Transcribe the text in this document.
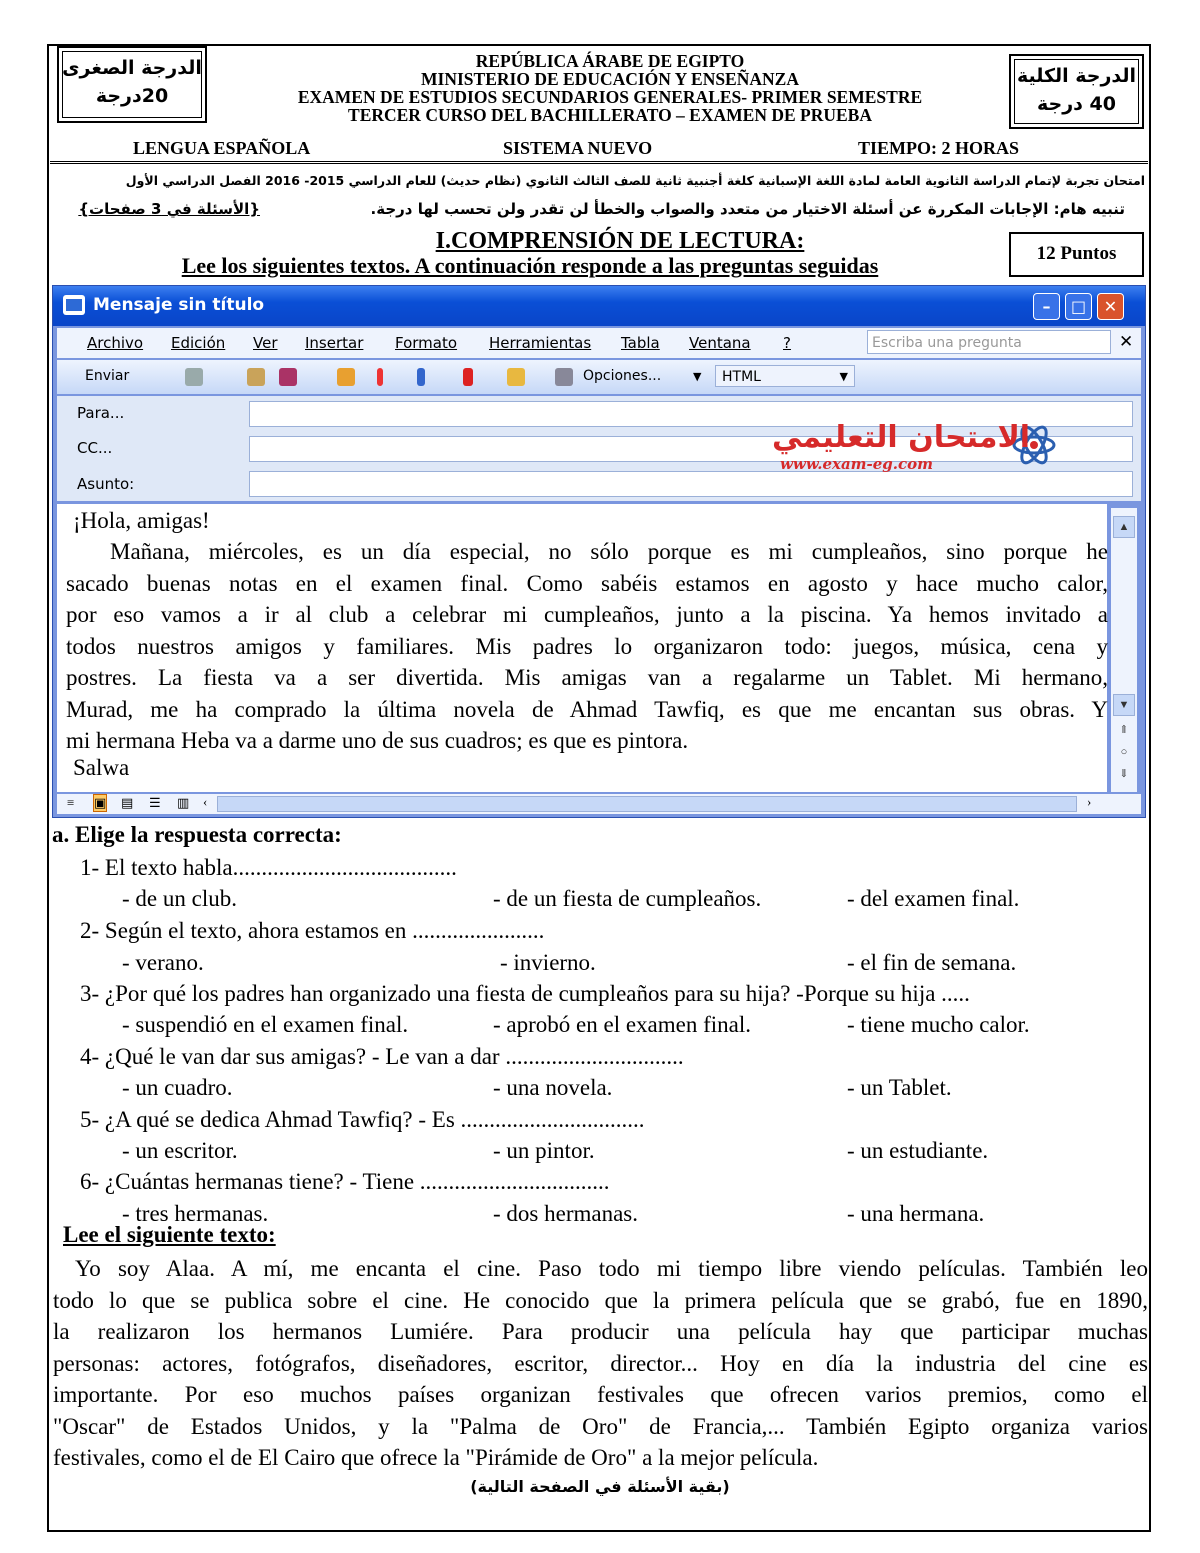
الدرجة الصغرى
20درجة
الدرجة الكلية
40 درجة
REPÚBLICA ÁRABE DE EGIPTO
MINISTERIO DE EDUCACIÓN Y ENSEÑANZA
EXAMEN DE ESTUDIOS SECUNDARIOS GENERALES- PRIMER SEMESTRE
TERCER CURSO DEL BACHILLERATO – EXAMEN DE PRUEBA
LENGUA ESPAÑOLA	SISTEMA NUEVO	TIEMPO: 2 HORAS
امتحان تجربة لإتمام الدراسة الثانوية العامة لمادة اللغة الإسبانية كلغة أجنبية ثانية للصف الثالث الثانوي (نظام حديث) للعام الدراسي 2015- 2016 الفصل الدراسي الأول
تنبيه هام: الإجابات المكررة عن أسئلة الاختيار من متعدد والصواب والخطأ لن تقدر ولن تحسب لها درجة.
{الأسئلة في 3 صفحات}
I.COMPRENSIÓN DE LECTURA:
Lee los siguientes textos. A continuación responde a las preguntas seguidas	12 Puntos
Mensaje sin título	–	□	✕
Archivo Edición Ver Insertar Formato Herramientas Tabla Ventana ?	Escriba una pregunta	✕
Enviar	Opciones...	▼	HTML	▼
Para...
CC...
Asunto:
▲
▼
⇑
○
⇓
≡ ▣ ▤ ☰ ▥ ‹	›
الامتحان التعليمي
www.exam-eg.com
¡Hola, amigas!
Mañana, miércoles, es un día especial, no sólo porque es mi cumpleaños, sino porque he
sacado buenas notas en el examen final. Como sabéis estamos en agosto y hace mucho calor,
por eso vamos a ir al club a celebrar mi cumpleaños, junto a la piscina. Ya hemos invitado a
todos nuestros amigos y familiares. Mis padres lo organizaron todo: juegos, música, cena y
postres. La fiesta va a ser divertida. Mis amigas van a regalarme un Tablet. Mi hermano,
Murad, me ha comprado la última novela de Ahmad Tawfiq, es que me encantan sus obras. Y
mi hermana Heba va a darme uno de sus cuadros; es que es pintora.
Salwa
a. Elige la respuesta correcta:
1- El texto habla.......................................
- de un club.	- de un fiesta de cumpleaños.	- del examen final.
2- Según el texto, ahora estamos en .......................
- verano.	- invierno.	- el fin de semana.
3- ¿Por qué los padres han organizado una fiesta de cumpleaños para su hija? -Porque su hija .....
- suspendió en el examen final.	- aprobó en el examen final.	- tiene mucho calor.
4- ¿Qué le van dar sus amigas? - Le van a dar ...............................
- un cuadro.	- una novela.	- un Tablet.
5- ¿A qué se dedica Ahmad Tawfiq? - Es ................................
- un escritor.	- un pintor.	- un estudiante.
6- ¿Cuántas hermanas tiene? - Tiene .................................
- tres hermanas.	- dos hermanas.	- una hermana.
Lee el siguiente texto:
Yo soy Alaa. A mí, me encanta el cine. Paso todo mi tiempo libre viendo películas. También leo
todo lo que se publica sobre el cine. He conocido que la primera película que se grabó, fue en 1890,
la realizaron los hermanos Lumiére. Para producir una película hay que participar muchas
personas: actores, fotógrafos, diseñadores, escritor, director... Hoy en día la industria del cine es
importante. Por eso muchos países organizan festivales que ofrecen varios premios, como el
"Oscar" de Estados Unidos, y la "Palma de Oro" de Francia,... También Egipto organiza varios
festivales, como el de El Cairo que ofrece la "Pirámide de Oro" a la mejor película.
(بقية الأسئلة في الصفحة التالية)
